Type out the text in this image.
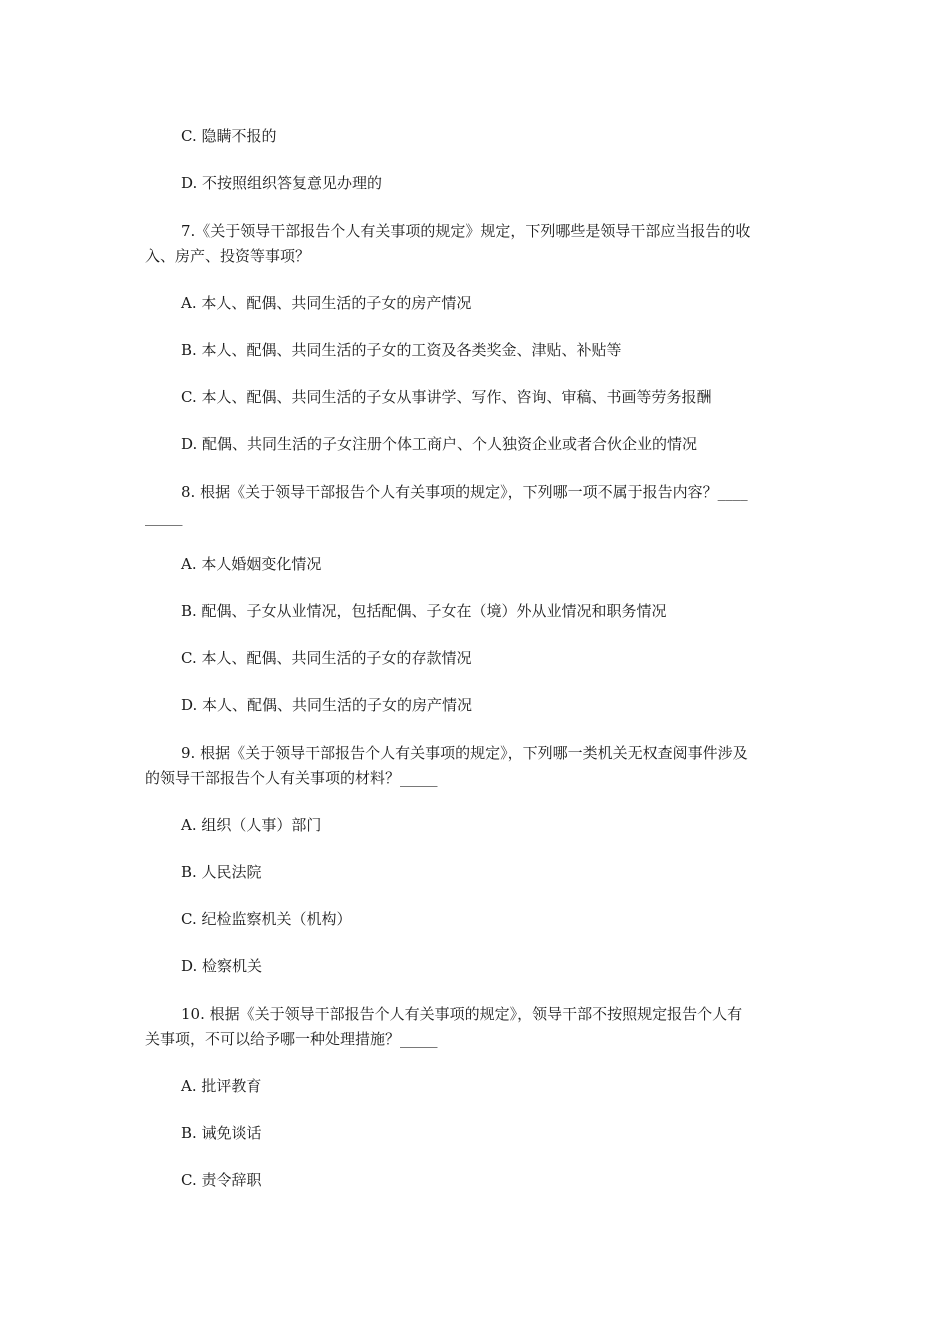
C. 隐瞒不报的
D. 不按照组织答复意见办理的
7.《关于领导干部报告个人有关事项的规定》规定，下列哪些是领导干部应当报告的收
入、房产、投资等事项？
A. 本人、配偶、共同生活的子女的房产情况
B. 本人、配偶、共同生活的子女的工资及各类奖金、津贴、补贴等
C. 本人、配偶、共同生活的子女从事讲学、写作、咨询、审稿、书画等劳务报酬
D. 配偶、共同生活的子女注册个体工商户、个人独资企业或者合伙企业的情况
8. 根据《关于领导干部报告个人有关事项的规定》，下列哪一项不属于报告内容？____
_____
A. 本人婚姻变化情况
B. 配偶、子女从业情况，包括配偶、子女在（境）外从业情况和职务情况
C. 本人、配偶、共同生活的子女的存款情况
D. 本人、配偶、共同生活的子女的房产情况
9. 根据《关于领导干部报告个人有关事项的规定》，下列哪一类机关无权查阅事件涉及
的领导干部报告个人有关事项的材料？_____
A. 组织（人事）部门
B. 人民法院
C. 纪检监察机关（机构）
D. 检察机关
10. 根据《关于领导干部报告个人有关事项的规定》，领导干部不按照规定报告个人有
关事项，不可以给予哪一种处理措施？_____
A. 批评教育
B. 诫免谈话
C. 责令辞职
